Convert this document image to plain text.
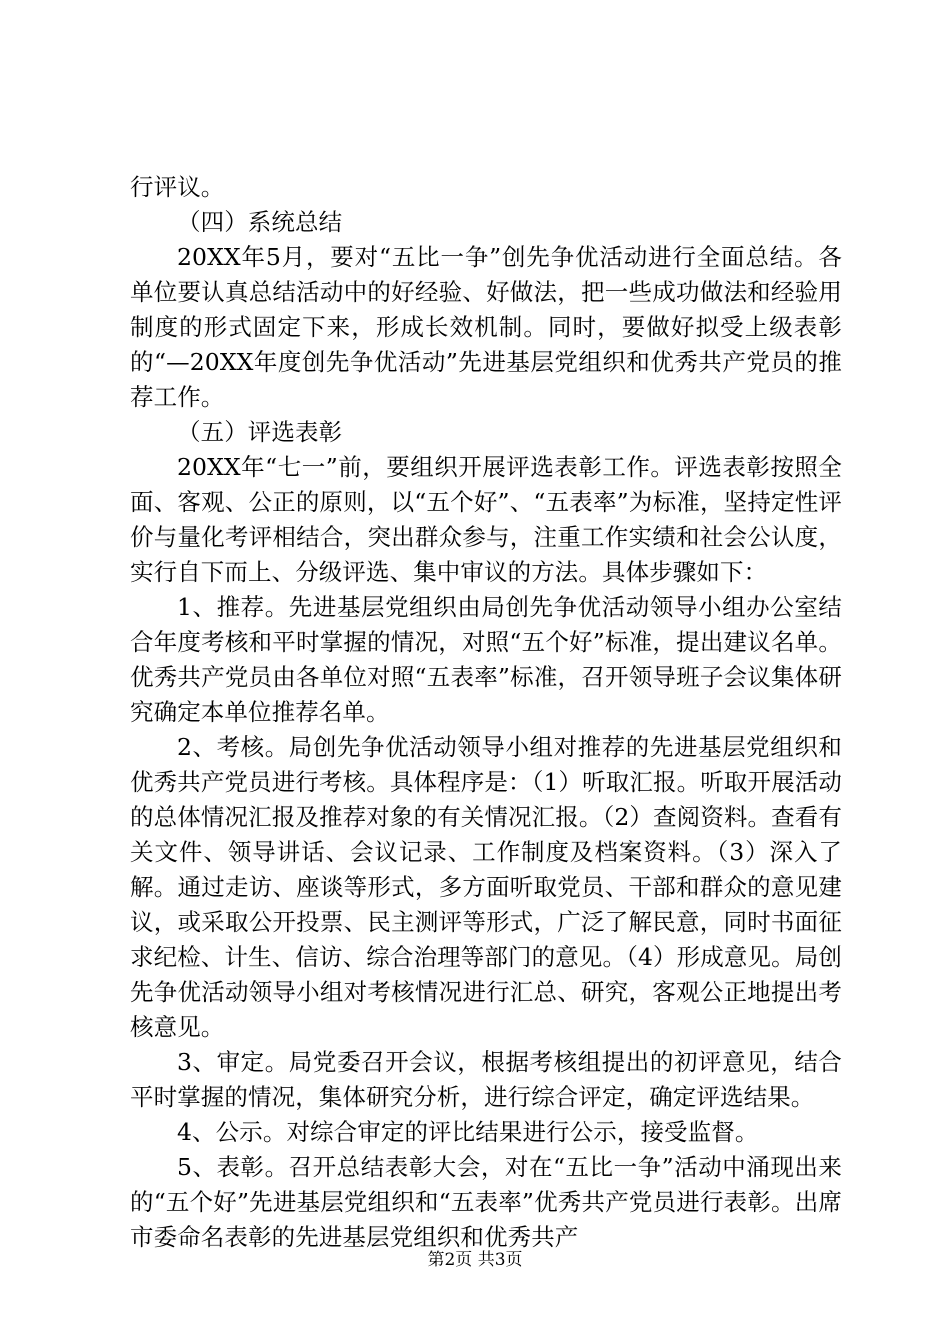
行评议。

（四）系统总结

20XX年5月，要对“五比一争”创先争优活动进行全面总结。各单位要认真总结活动中的好经验、好做法，把一些成功做法和经验用制度的形式固定下来，形成长效机制。同时，要做好拟受上级表彰的“—20XX年度创先争优活动”先进基层党组织和优秀共产党员的推荐工作。

（五）评选表彰

20XX年“七一”前，要组织开展评选表彰工作。评选表彰按照全面、客观、公正的原则，以“五个好”、“五表率”为标准，坚持定性评价与量化考评相结合，突出群众参与，注重工作实绩和社会公认度，实行自下而上、分级评选、集中审议的方法。具体步骤如下：

1、推荐。先进基层党组织由局创先争优活动领导小组办公室结合年度考核和平时掌握的情况，对照“五个好”标准，提出建议名单。优秀共产党员由各单位对照“五表率”标准，召开领导班子会议集体研究确定本单位推荐名单。

2、考核。局创先争优活动领导小组对推荐的先进基层党组织和优秀共产党员进行考核。具体程序是：（1）听取汇报。听取开展活动的总体情况汇报及推荐对象的有关情况汇报。（2）查阅资料。查看有关文件、领导讲话、会议记录、工作制度及档案资料。（3）深入了解。通过走访、座谈等形式，多方面听取党员、干部和群众的意见建议，或采取公开投票、民主测评等形式，广泛了解民意，同时书面征求纪检、计生、信访、综合治理等部门的意见。（4）形成意见。局创先争优活动领导小组对考核情况进行汇总、研究，客观公正地提出考核意见。

3、审定。局党委召开会议，根据考核组提出的初评意见，结合平时掌握的情况，集体研究分析，进行综合评定，确定评选结果。

4、公示。对综合审定的评比结果进行公示，接受监督。

5、表彰。召开总结表彰大会，对在“五比一争”活动中涌现出来的“五个好”先进基层党组织和“五表率”优秀共产党员进行表彰。出席市委命名表彰的先进基层党组织和优秀共产

第2页 共3页
